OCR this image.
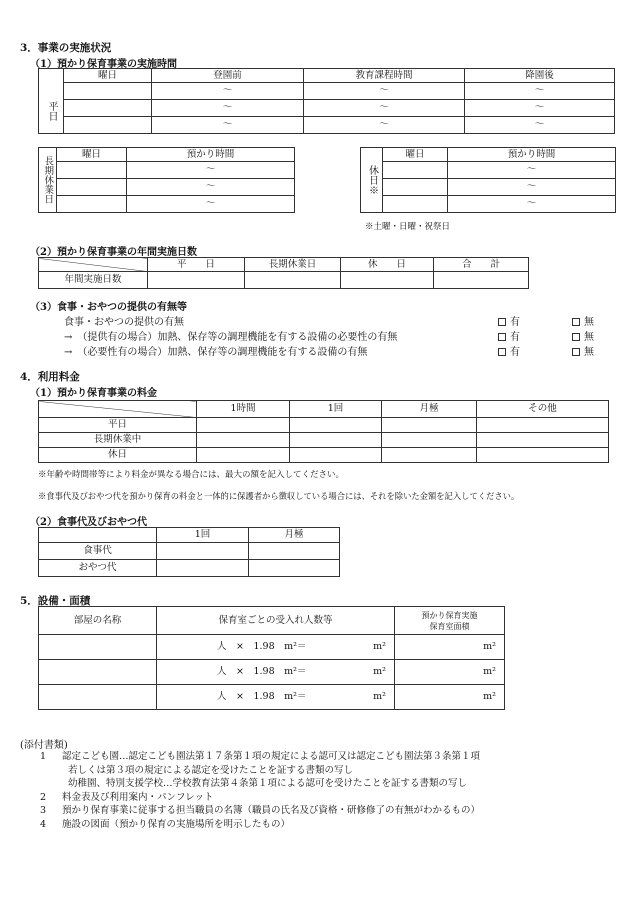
3．事業の実施状況
（1）預かり保育事業の実施時間
平日	曜日	登園前	教育課程時間	降園後
		～	～	～
		～	～	～
		～	～	～
長期休業日	曜日	預かり時間
		～
		～
		～
休日※	曜日	預かり時間
		～
		～
		～
※土曜・日曜・祝祭日
（2）預かり保育事業の年間実施日数
	平　　日	長期休業日	休　　日	合　　計
年間実施日数				
（3）食事・おやつの提供の有無等
食事・おやつの提供の有無	有	無
→　（提供有の場合）加熱、保存等の調理機能を有する設備の必要性の有無	有	無
→　（必要性有の場合）加熱、保存等の調理機能を有する設備の有無	有	無
4．利用料金
（1）預かり保育事業の料金
	1時間	1回	月極	その他
平日				
長期休業中				
休日				
※年齢や時間帯等により料金が異なる場合には、最大の額を記入してください。
※食事代及びおやつ代を預かり保育の料金と一体的に保護者から徴収している場合には、それを除いた金額を記入してください。
（2）食事代及びおやつ代
	1回	月極
食事代		
おやつ代		
5．設備・面積
部屋の名称	保育室ごとの受入れ人数等	預かり保育実施
保育室面積

	人　×　1.98　m²＝ m²	m²
	人　×　1.98　m²＝ m²	m²
	人　×　1.98　m²＝ m²	m²
(添付書類)
1 認定こども園…認定こども園法第１７条第１項の規定による認可又は認定こども園法第３条第１項
若しくは第３項の規定による認定を受けたことを証する書類の写し
幼稚園、特別支援学校…学校教育法第４条第１項による認可を受けたことを証する書類の写し
2 料金表及び利用案内・パンフレット
3 預かり保育事業に従事する担当職員の名簿（職員の氏名及び資格・研修修了の有無がわかるもの）
4 施設の図面（預かり保育の実施場所を明示したもの）
